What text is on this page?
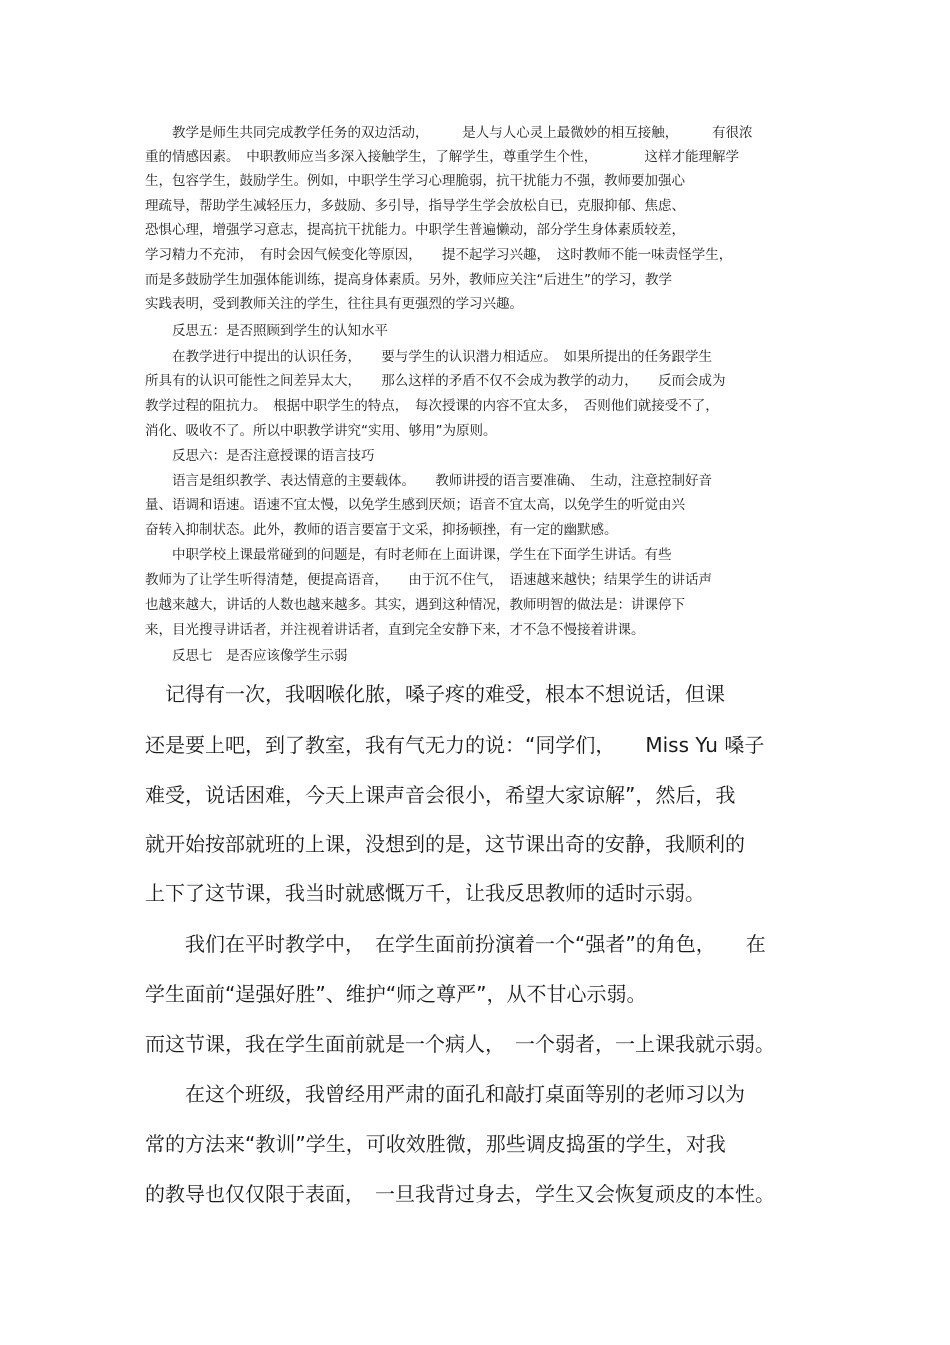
　　教学是师生共同完成教学任务的双边活动，　　　是人与人心灵上最微妙的相互接触，　　　有很浓
重的情感因素。　中职教师应当多深入接触学生，了解学生，尊重学生个性，　　　　这样才能理解学
生，包容学生，鼓励学生。例如，中职学生学习心理脆弱，抗干扰能力不强，教师要加强心
理疏导，帮助学生减轻压力，多鼓励、多引导，指导学生学会放松自已，克服抑郁、焦虑、
恐惧心理，增强学习意志，提高抗干扰能力。中职学生普遍懒动，部分学生身体素质较差，
学习精力不充沛，　有时会因气候变化等原因，　　提不起学习兴趣，　这时教师不能一味责怪学生，
而是多鼓励学生加强体能训练，提高身体素质。另外，教师应关注“后进生”的学习，教学
实践表明，受到教师关注的学生，往往具有更强烈的学习兴趣。
　　反思五：是否照顾到学生的认知水平
　　在教学进行中提出的认识任务，　　要与学生的认识潜力相适应。　如果所提出的任务跟学生
所具有的认识可能性之间差异太大，　　那么这样的矛盾不仅不会成为教学的动力，　　反而会成为
教学过程的阻抗力。　根据中职学生的特点，　每次授课的内容不宜太多，　否则他们就接受不了，
消化、吸收不了。所以中职教学讲究“实用、够用”为原则。
　　反思六：是否注意授课的语言技巧
　　语言是组织教学、表达情意的主要载体。　　教师讲授的语言要准确、　生动，注意控制好音
量、语调和语速。语速不宜太慢，以免学生感到厌烦；语音不宜太高，以免学生的听觉由兴
奋转入抑制状态。此外，教师的语言要富于文采，抑扬顿挫，有一定的幽默感。
　　中职学校上课最常碰到的问题是，有时老师在上面讲课，学生在下面学生讲话。有些
教师为了让学生听得清楚，便提高语音，　　由于沉不住气，　语速越来越快；结果学生的讲话声
也越来越大，讲话的人数也越来越多。其实，遇到这种情况，教师明智的做法是：讲课停下
来，目光搜寻讲话者，并注视着讲话者，直到完全安静下来，才不急不慢接着讲课。
　　反思七　是否应该像学生示弱
　记得有一次，我咽喉化脓，嗓子疼的难受，根本不想说话，但课
还是要上吧，到了教室，我有气无力的说：“同学们，　　Miss Yu 嗓子
难受，说话困难，今天上课声音会很小，希望大家谅解”，然后，我
就开始按部就班的上课，没想到的是，这节课出奇的安静，我顺利的
上下了这节课，我当时就感慨万千，让我反思教师的适时示弱。
　　我们在平时教学中，　在学生面前扮演着一个“强者”的角色，　　在
学生面前“逞强好胜”、维护“师之尊严”，从不甘心示弱。
而这节课，我在学生面前就是一个病人，　一个弱者，一上课我就示弱。
　　在这个班级，我曾经用严肃的面孔和敲打桌面等别的老师习以为
常的方法来“教训”学生，可收效胜微，那些调皮捣蛋的学生，对我
的教导也仅仅限于表面，　一旦我背过身去，学生又会恢复顽皮的本性。
